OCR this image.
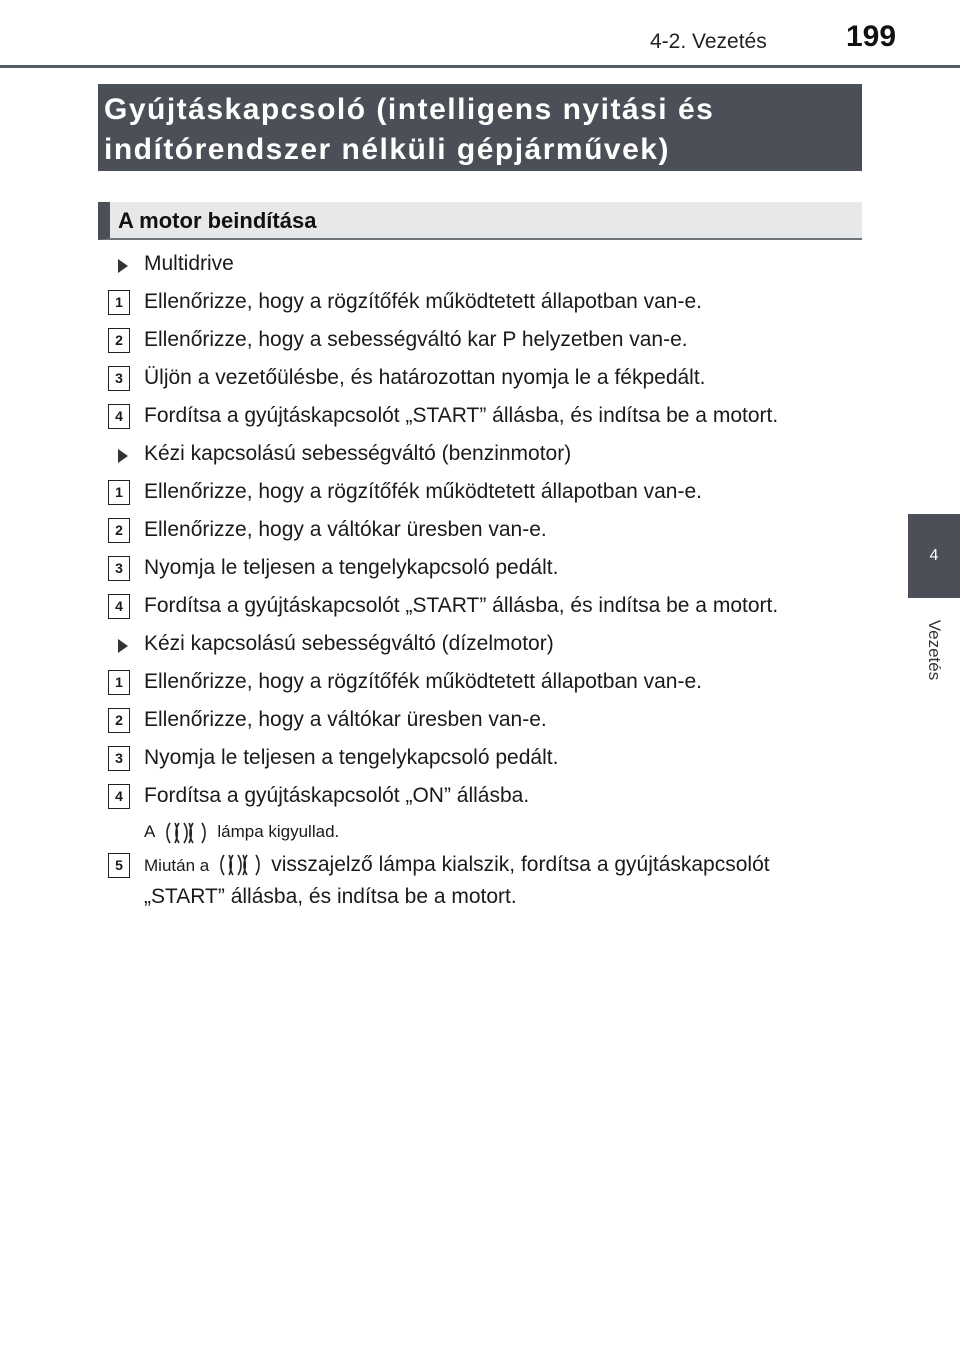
4-2. Vezetés	199
4
Vezetés
Gyújtáskapcsoló (intelligens nyitási és
indítórendszer nélküli gépjárművek)
A motor beindítása
Multidrive
1	Ellenőrizze, hogy a rögzítőfék működtetett állapotban van-e.
2	Ellenőrizze, hogy a sebességváltó kar P helyzetben van-e.
3	Üljön a vezetőülésbe, és határozottan nyomja le a fékpedált.
4	Fordítsa a gyújtáskapcsolót „START” állásba, és indítsa be a motort.
Kézi kapcsolású sebességváltó (benzinmotor)
1	Ellenőrizze, hogy a rögzítőfék működtetett állapotban van-e.
2	Ellenőrizze, hogy a váltókar üresben van-e.
3	Nyomja le teljesen a tengelykapcsoló pedált.
4	Fordítsa a gyújtáskapcsolót „START” állásba, és indítsa be a motort.
Kézi kapcsolású sebességváltó (dízelmotor)
1	Ellenőrizze, hogy a rögzítőfék működtetett állapotban van-e.
2	Ellenőrizze, hogy a váltókar üresben van-e.
3	Nyomja le teljesen a tengelykapcsoló pedált.
4	Fordítsa a gyújtáskapcsolót „ON” állásba.
A	lámpa kigyullad.
5	Miután a	visszajelző lámpa kialszik, fordítsa a gyújtáskapcsolót
„START” állásba, és indítsa be a motort.
